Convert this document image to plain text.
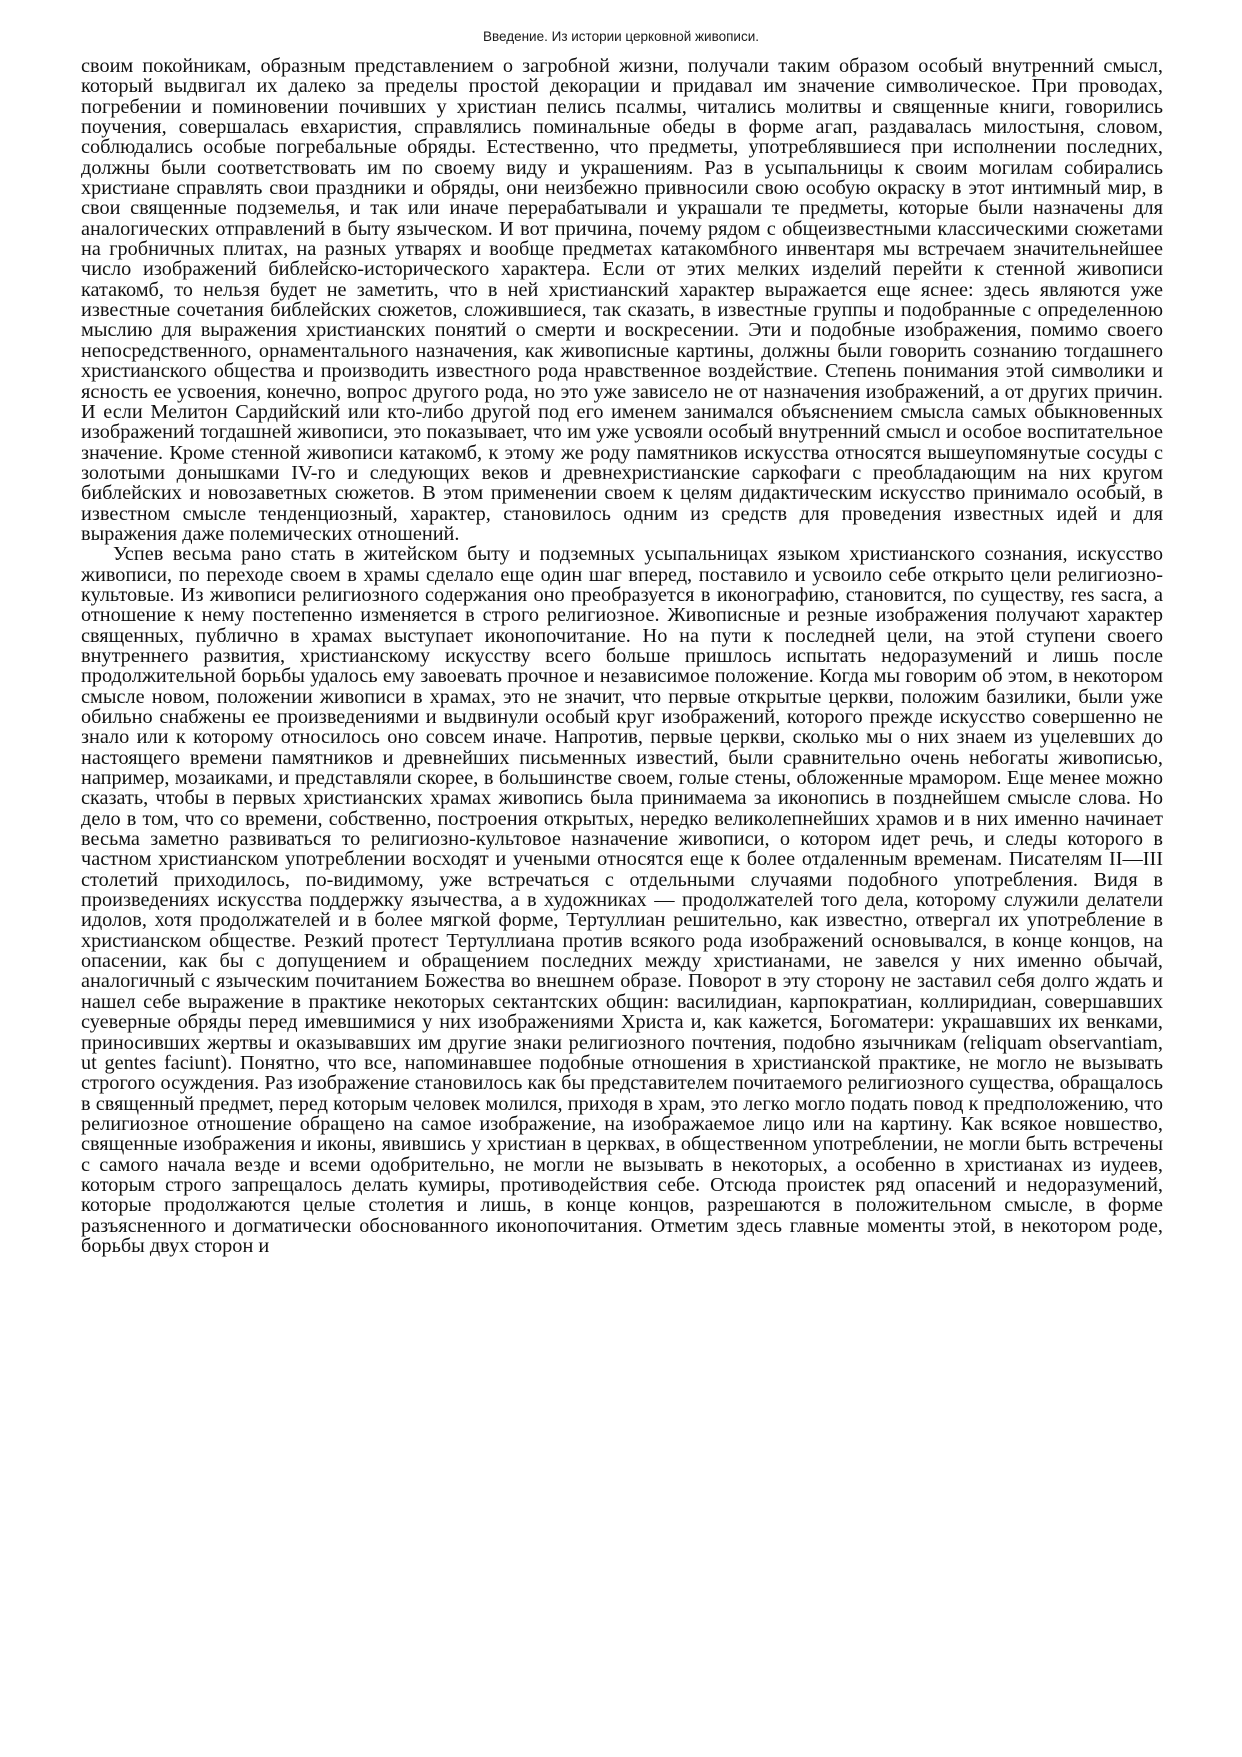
Введение. Из истории церковной живописи.

своим покойникам, образным представлением о загробной жизни, получали таким образом особый внутренний смысл, который выдвигал их далеко за пределы простой декорации и придавал им значение символическое. При проводах, погребении и поминовении почивших у христиан пелись псалмы, читались молитвы и священные книги, говорились поучения, совершалась евхаристия, справлялись поминальные обеды в форме агап, раздавалась милостыня, словом, соблюдались особые погребальные обряды. Естественно, что предметы, употреблявшиеся при исполнении последних, должны были соответствовать им по своему виду и украшениям. Раз в усыпальницы к своим могилам собирались христиане справлять свои праздники и обряды, они неизбежно привносили свою особую окраску в этот интимный мир, в свои священные подземелья, и так или иначе перерабатывали и украшали те предметы, которые были назначены для аналогических отправлений в быту языческом. И вот причина, почему рядом с общеизвестными классическими сюжетами на гробничных плитах, на разных утварях и вообще предметах катакомбного инвентаря мы встречаем значительнейшее число изображений библейско-исторического характера. Если от этих мелких изделий перейти к стенной живописи катакомб, то нельзя будет не заметить, что в ней христианский характер выражается еще яснее: здесь являются уже известные сочетания библейских сюжетов, сложившиеся, так сказать, в известные группы и подобранные с определенною мыслию для выражения христианских понятий о смерти и воскресении. Эти и подобные изображения, помимо своего непосредственного, орнаментального назначения, как живописные картины, должны были говорить сознанию тогдашнего христианского общества и производить известного рода нравственное воздействие. Степень понимания этой символики и ясность ее усвоения, конечно, вопрос другого рода, но это уже зависело не от назначения изображений, а от других причин. И если Мелитон Сардийский или кто-либо другой под его именем занимался объяснением смысла самых обыкновенных изображений тогдашней живописи, это показывает, что им уже усвояли особый внутренний смысл и особое воспитательное значение. Кроме стенной живописи катакомб, к этому же роду памятников искусства относятся вышеупомянутые сосуды с золотыми донышками IV-го и следующих веков и древнехристианские саркофаги с преобладающим на них кругом библейских и новозаветных сюжетов. В этом применении своем к целям дидактическим искусство принимало особый, в известном смысле тенденциозный, характер, становилось одним из средств для проведения известных идей и для выражения даже полемических отношений.

Успев весьма рано стать в житейском быту и подземных усыпальницах языком христианского сознания, искусство живописи, по переходе своем в храмы сделало еще один шаг вперед, поставило и усвоило себе открыто цели религиозно-культовые. Из живописи религиозного содержания оно преобразуется в иконографию, становится, по существу, res sacra, а отношение к нему постепенно изменяется в строго религиозное. Живописные и резные изображения получают характер священных, публично в храмах выступает иконопочитание. Но на пути к последней цели, на этой ступени своего внутреннего развития, христианскому искусству всего больше пришлось испытать недоразумений и лишь после продолжительной борьбы удалось ему завоевать прочное и независимое положение. Когда мы говорим об этом, в некотором смысле новом, положении живописи в храмах, это не значит, что первые открытые церкви, положим базилики, были уже обильно снабжены ее произведениями и выдвинули особый круг изображений, которого прежде искусство совершенно не знало или к которому относилось оно совсем иначе. Напротив, первые церкви, сколько мы о них знаем из уцелевших до настоящего времени памятников и древнейших письменных известий, были сравнительно очень небогаты живописью, например, мозаиками, и представляли скорее, в большинстве своем, голые стены, обложенные мрамором. Еще менее можно сказать, чтобы в первых христианских храмах живопись была принимаема за иконопись в позднейшем смысле слова. Но дело в том, что со времени, собственно, построения открытых, нередко великолепнейших храмов и в них именно начинает весьма заметно развиваться то религиозно-культовое назначение живописи, о котором идет речь, и следы которого в частном христианском употреблении восходят и учеными относятся еще к более отдаленным временам. Писателям II—III столетий приходилось, по-видимому, уже встречаться с отдельными случаями подобного употребления. Видя в произведениях искусства поддержку язычества, а в художниках — продолжателей того дела, которому служили делатели идолов, хотя продолжателей и в более мягкой форме, Тертуллиан решительно, как известно, отвергал их употребление в христианском обществе. Резкий протест Тертуллиана против всякого рода изображений основывался, в конце концов, на опасении, как бы с допущением и обращением последних между христианами, не завелся у них именно обычай, аналогичный с языческим почитанием Божества во внешнем образе. Поворот в эту сторону не заставил себя долго ждать и нашел себе выражение в практике некоторых сектантских общин: василидиан, карпократиан, коллиридиан, совершавших суеверные обряды перед имевшимися у них изображениями Христа и, как кажется, Богоматери: украшавших их венками, приносивших жертвы и оказывавших им другие знаки религиозного почтения, подобно язычникам (reliquam observantiam, ut gentes faciunt). Понятно, что все, напоминавшее подобные отношения в христианской практике, не могло не вызывать строгого осуждения. Раз изображение становилось как бы представителем почитаемого религиозного существа, обращалось в священный предмет, перед которым человек молился, приходя в храм, это легко могло подать повод к предположению, что религиозное отношение обращено на самое изображение, на изображаемое лицо или на картину. Как всякое новшество, священные изображения и иконы, явившись у христиан в церквах, в общественном употреблении, не могли быть встречены с самого начала везде и всеми одобрительно, не могли не вызывать в некоторых, а особенно в христианах из иудеев, которым строго запрещалось делать кумиры, противодействия себе. Отсюда проистек ряд опасений и недоразумений, которые продолжаются целые столетия и лишь, в конце концов, разрешаются в положительном смысле, в форме разъясненного и догматически обоснованного иконопочитания. Отметим здесь главные моменты этой, в некотором роде, борьбы двух сторон и
